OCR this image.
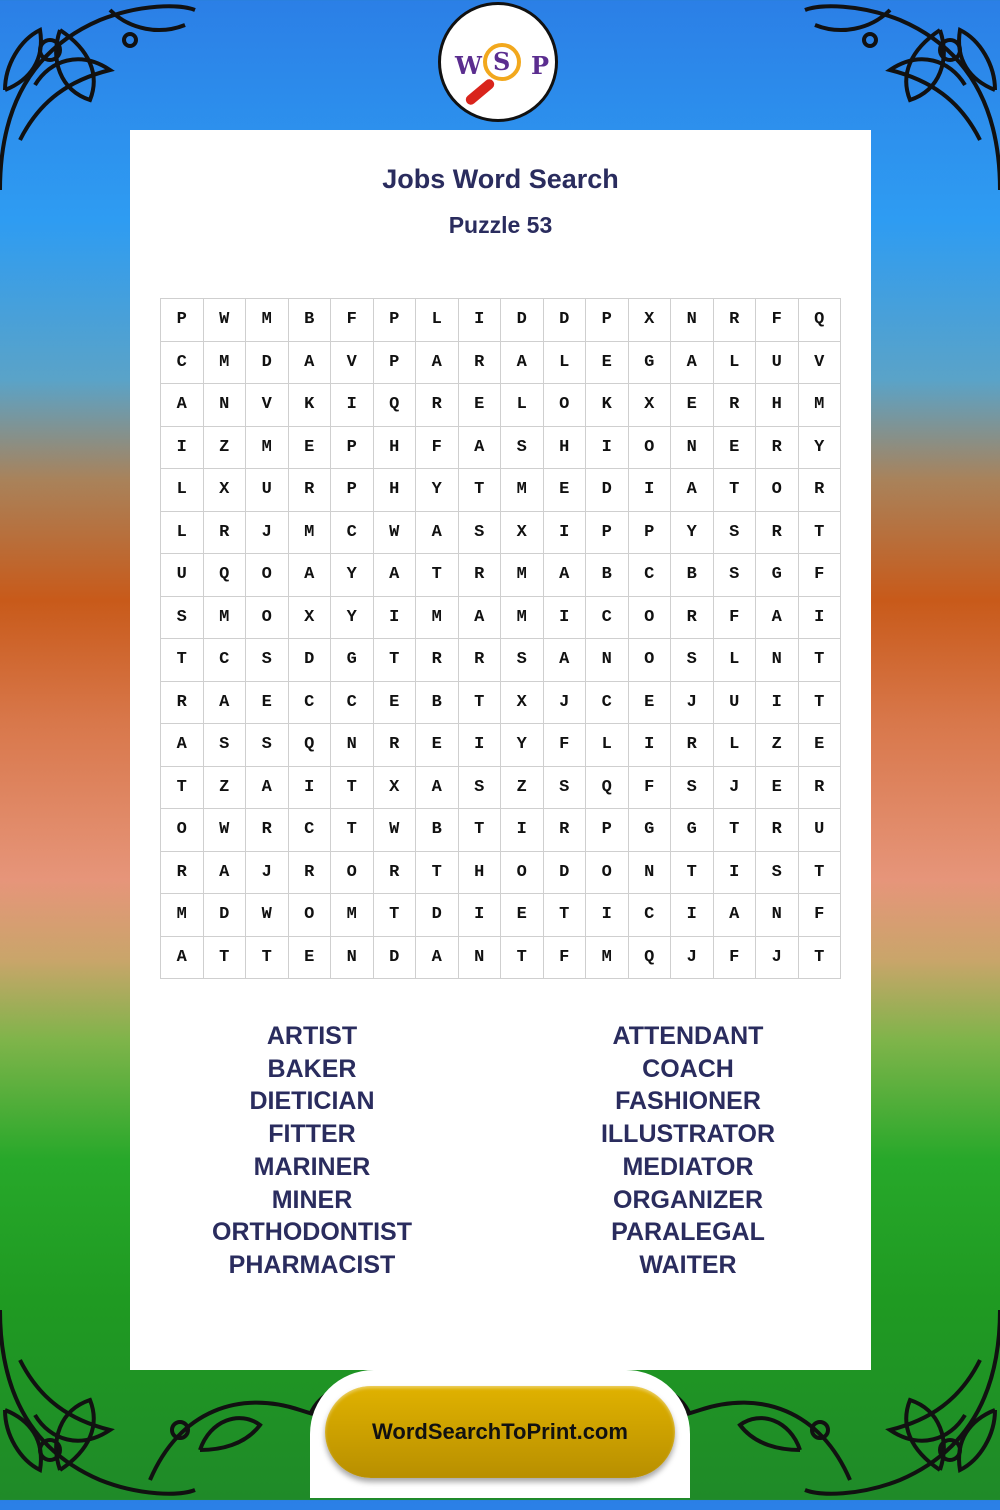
W S P
Jobs Word Search
Puzzle 53
P	W	M	B	F	P	L	I	D	D	P	X	N	R	F	Q
C	M	D	A	V	P	A	R	A	L	E	G	A	L	U	V
A	N	V	K	I	Q	R	E	L	O	K	X	E	R	H	M
I	Z	M	E	P	H	F	A	S	H	I	O	N	E	R	Y
L	X	U	R	P	H	Y	T	M	E	D	I	A	T	O	R
L	R	J	M	C	W	A	S	X	I	P	P	Y	S	R	T
U	Q	O	A	Y	A	T	R	M	A	B	C	B	S	G	F
S	M	O	X	Y	I	M	A	M	I	C	O	R	F	A	I
T	C	S	D	G	T	R	R	S	A	N	O	S	L	N	T
R	A	E	C	C	E	B	T	X	J	C	E	J	U	I	T
A	S	S	Q	N	R	E	I	Y	F	L	I	R	L	Z	E
T	Z	A	I	T	X	A	S	Z	S	Q	F	S	J	E	R
O	W	R	C	T	W	B	T	I	R	P	G	G	T	R	U
R	A	J	R	O	R	T	H	O	D	O	N	T	I	S	T
M	D	W	O	M	T	D	I	E	T	I	C	I	A	N	F
A	T	T	E	N	D	A	N	T	F	M	Q	J	F	J	T
ARTIST
BAKER
DIETICIAN
FITTER
MARINER
MINER
ORTHODONTIST
PHARMACIST
ATTENDANT
COACH
FASHIONER
ILLUSTRATOR
MEDIATOR
ORGANIZER
PARALEGAL
WAITER
WordSearchToPrint.com
